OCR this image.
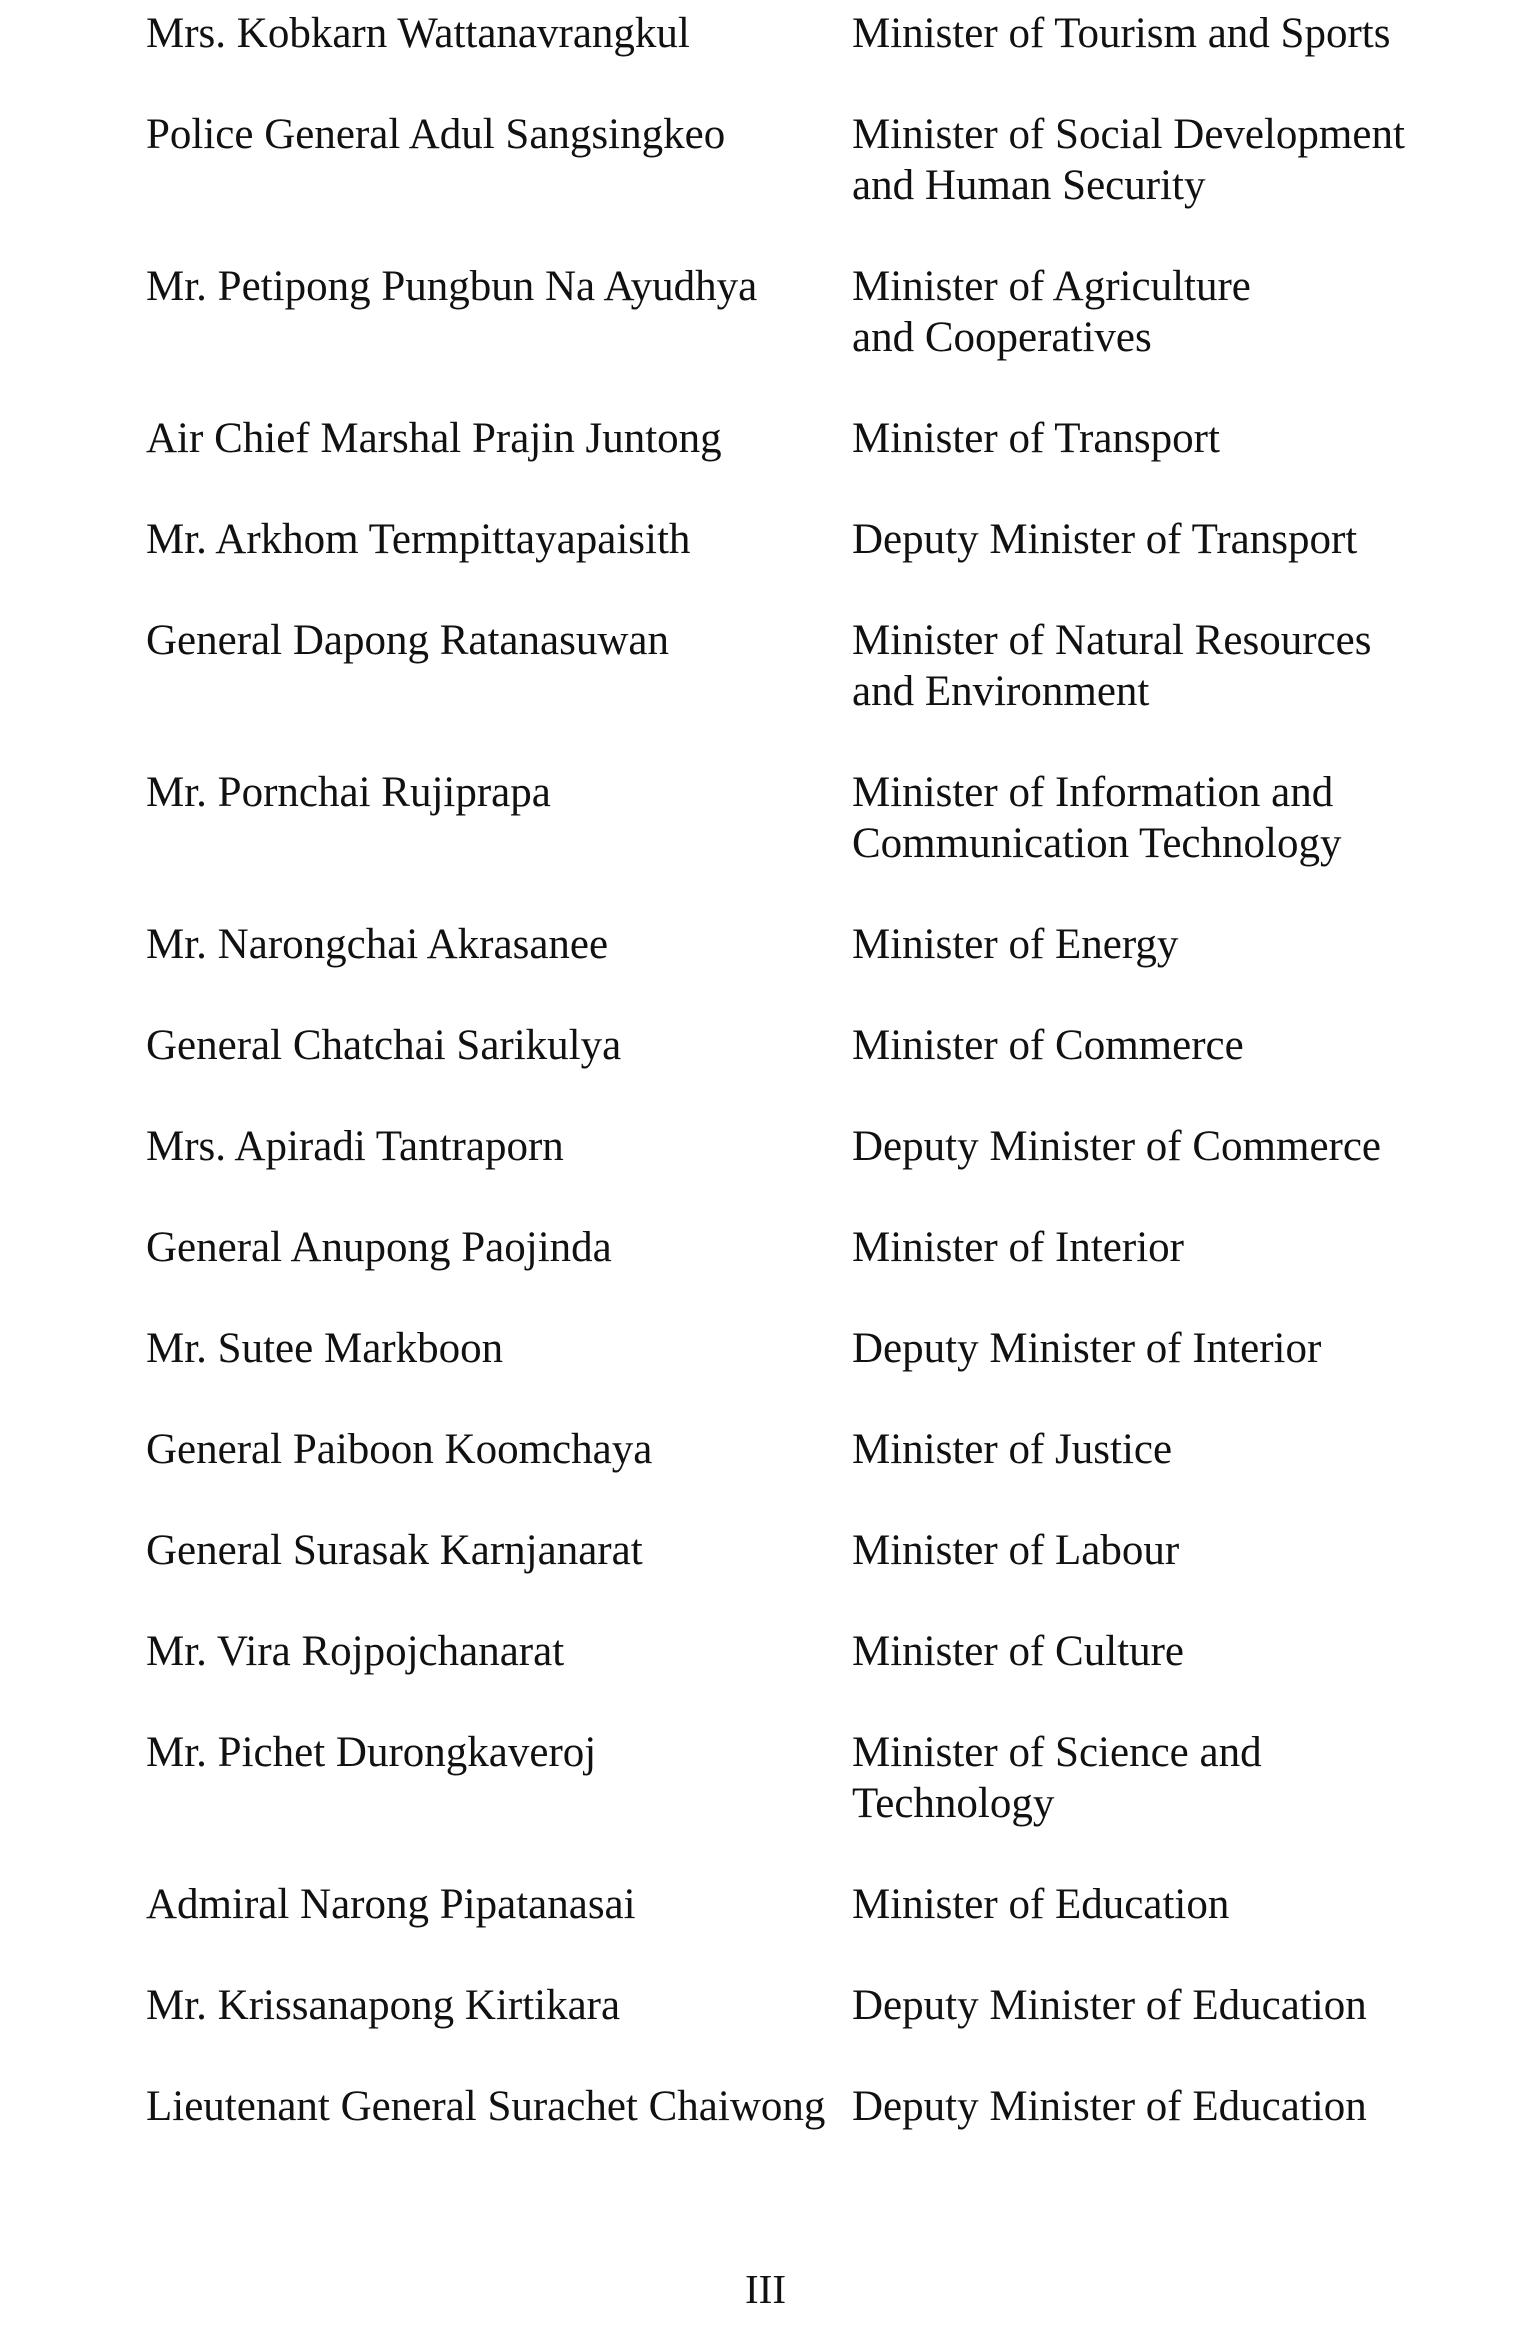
Mrs. Kobkarn Wattanavrangkul	Minister of Tourism and Sports
Police General Adul Sangsingkeo	Minister of Social Development
and Human Security
Mr. Petipong Pungbun Na Ayudhya	Minister of Agriculture
and Cooperatives
Air Chief Marshal Prajin Juntong	Minister of Transport
Mr. Arkhom Termpittayapaisith	Deputy Minister of Transport
General Dapong Ratanasuwan	Minister of Natural Resources
and Environment
Mr. Pornchai Rujiprapa	Minister of Information and
Communication Technology
Mr. Narongchai Akrasanee	Minister of Energy
General Chatchai Sarikulya	Minister of Commerce
Mrs. Apiradi Tantraporn	Deputy Minister of Commerce
General Anupong Paojinda	Minister of Interior
Mr. Sutee Markboon	Deputy Minister of Interior
General Paiboon Koomchaya	Minister of Justice
General Surasak Karnjanarat	Minister of Labour
Mr. Vira Rojpojchanarat	Minister of Culture
Mr. Pichet Durongkaveroj	Minister of Science and
Technology
Admiral Narong Pipatanasai	Minister of Education
Mr. Krissanapong Kirtikara	Deputy Minister of Education
Lieutenant General Surachet Chaiwong Deputy Minister of Education
III
